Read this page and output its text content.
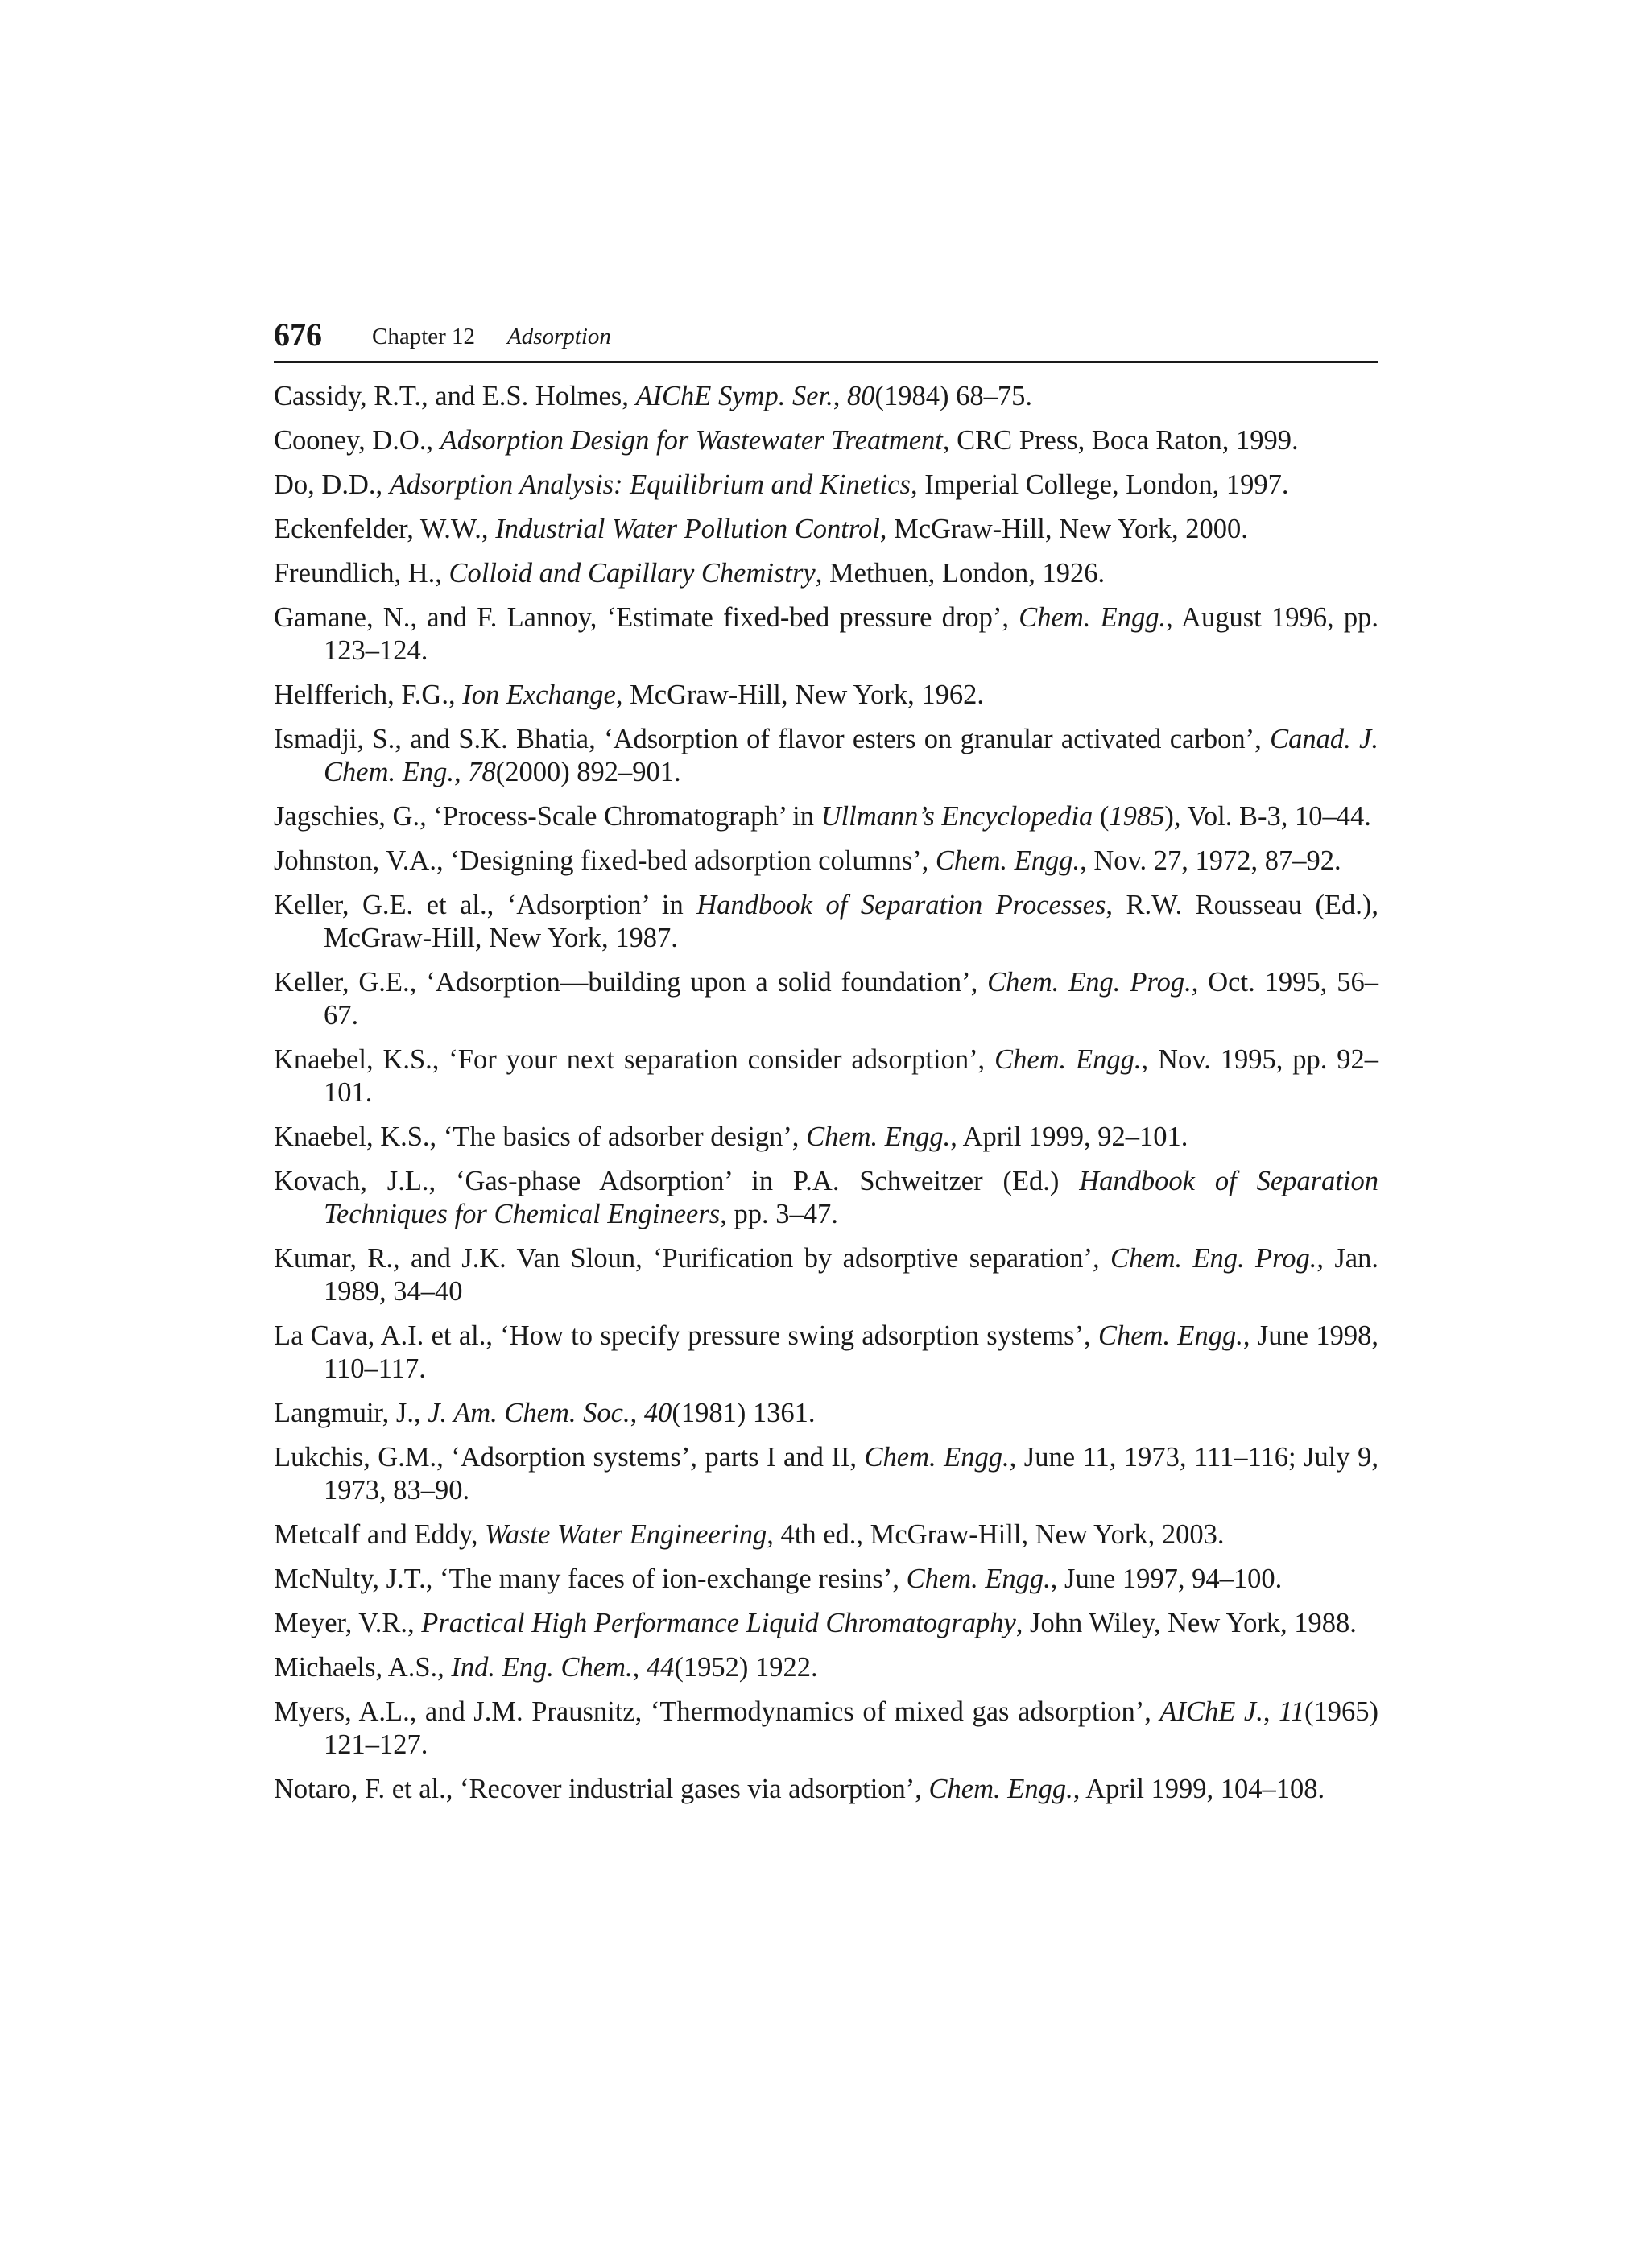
676 Chapter 12 Adsorption
Cassidy, R.T., and E.S. Holmes, AIChE Symp. Ser., 80(1984) 68–75.
Cooney, D.O., Adsorption Design for Wastewater Treatment, CRC Press, Boca Raton, 1999.
Do, D.D., Adsorption Analysis: Equilibrium and Kinetics, Imperial College, London, 1997.
Eckenfelder, W.W., Industrial Water Pollution Control, McGraw-Hill, New York, 2000.
Freundlich, H., Colloid and Capillary Chemistry, Methuen, London, 1926.
Gamane, N., and F. Lannoy, ‘Estimate fixed-bed pressure drop’, Chem. Engg., August 1996, pp. 123–124.
Helfferich, F.G., Ion Exchange, McGraw-Hill, New York, 1962.
Ismadji, S., and S.K. Bhatia, ‘Adsorption of flavor esters on granular activated carbon’, Canad. J. Chem. Eng., 78(2000) 892–901.
Jagschies, G., ‘Process-Scale Chromatograph’ in Ullmann’s Encyclopedia (1985), Vol. B-3, 10–44.
Johnston, V.A., ‘Designing fixed-bed adsorption columns’, Chem. Engg., Nov. 27, 1972, 87–92.
Keller, G.E. et al., ‘Adsorption’ in Handbook of Separation Processes, R.W. Rousseau (Ed.), McGraw-Hill, New York, 1987.
Keller, G.E., ‘Adsorption—building upon a solid foundation’, Chem. Eng. Prog., Oct. 1995, 56–67.
Knaebel, K.S., ‘For your next separation consider adsorption’, Chem. Engg., Nov. 1995, pp. 92–101.
Knaebel, K.S., ‘The basics of adsorber design’, Chem. Engg., April 1999, 92–101.
Kovach, J.L., ‘Gas-phase Adsorption’ in P.A. Schweitzer (Ed.) Handbook of Separation Techniques for Chemical Engineers, pp. 3–47.
Kumar, R., and J.K. Van Sloun, ‘Purification by adsorptive separation’, Chem. Eng. Prog., Jan. 1989, 34–40
La Cava, A.I. et al., ‘How to specify pressure swing adsorption systems’, Chem. Engg., June 1998, 110–117.
Langmuir, J., J. Am. Chem. Soc., 40(1981) 1361.
Lukchis, G.M., ‘Adsorption systems’, parts I and II, Chem. Engg., June 11, 1973, 111–116; July 9, 1973, 83–90.
Metcalf and Eddy, Waste Water Engineering, 4th ed., McGraw-Hill, New York, 2003.
McNulty, J.T., ‘The many faces of ion-exchange resins’, Chem. Engg., June 1997, 94–100.
Meyer, V.R., Practical High Performance Liquid Chromatography, John Wiley, New York, 1988.
Michaels, A.S., Ind. Eng. Chem., 44(1952) 1922.
Myers, A.L., and J.M. Prausnitz, ‘Thermodynamics of mixed gas adsorption’, AIChE J., 11(1965) 121–127.
Notaro, F. et al., ‘Recover industrial gases via adsorption’, Chem. Engg., April 1999, 104–108.
